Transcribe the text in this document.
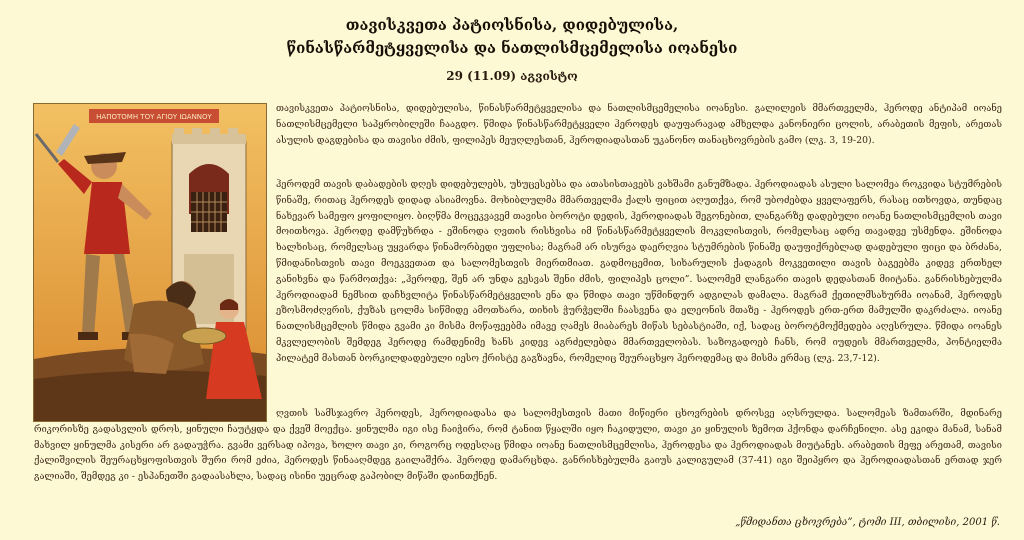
თავისკვეთა პატიოსნისა, დიდებულისა,
წინასწარმეტყველისა და ნათლისმცემელისა იოანესი
29 (11.09) აგვისტო
ΗΑΠΟΤΟΜΗ ΤΟΥ ΑΓΙΟΥ ΙΩΑΝΝΟΥ
თავისკვეთა პატიოსნისა, დიდებულისა, წინასწარმეტყველისა და ნათლისმცემელისა იოანესი. გალილეის მმართველმა, ჰეროდე ანტიპამ იოანე ნათლისმცემელი საპყრობილეში ჩააგდო. წმიდა წინასწარმეტყველი ჰეროდეს დაუფარავად ამხელდა კანონიერი ცოლის, არაბეთის მეფის, არეთას ასულის დაგდებისა და თავისი ძმის, ფილიპეს მეუღლესთან, ჰეროდიადასთან უკანონო თანაცხოვრების გამო (ლკ. 3, 19-20).
ჰეროდემ თავის დაბადების დღეს დიდებულებს, უხუცესებსა და ათასისთავებს ვახშამი განუმზადა. ჰეროდიადას ასული სალომეა როკვიდა სტუმრების წინაშე, რითაც ჰეროდეს დიდად ასიამოვნა. მოხიბლულმა მმართველმა ქალს ფიცით აღუთქვა, რომ უბოძებდა ყველაფერს, რასაც ითხოვდა, თუნდაც ნახევარ სამეფო ყოფილიყო. ბიღწმა მოცეკვავემ თავისი ბოროტი დედის, ჰეროდიადას შეგონებით, ლანგარზე დადებული იოანე ნათლისმცემლის თავი მოითხოვა. ჰეროდე დამწუხრდა - ეშინოდა ღვთის რისხვისა იმ წინასწარმეტყველის მოკვლისთვის, რომელსაც ადრე თავადვე უსმენდა. ეშინოდა ხალხისაც, რომელსაც უყვარდა წინამორბედი უფლისა; მაგრამ არ ისურვა დაერღვია სტუმრების წინაშე დაუფიქრებლად დადებული ფიცი და ბრძანა, წმიდანისთვის თავი მოეკვეთათ და სალომესთვის მიერთმიათ. გადმოცემით, სიხარულის ქადაგის მოკვეთილი თავის ბაგეებმა კიდევ ერთხელ განიხვნა და წარმოთქვა: „ჰეროდე, შენ არ უნდა გესვას შენი ძმის, ფილიპეს ცოლი”. სალომემ ლანგარი თავის დედასთან მიიტანა. განრისხებულმა ჰეროდიადამ ნემსით დაჩხვლიტა წინასწარმეტყველის ენა და წმიდა თავი უწმინდურ ადგილას დამალა. მაგრამ ქეთილმსახურმა იოანამ, ჰეროდეს ეზოსმოძღვრის, ქუზას ცოლმა სიწმიდე ამოთხარა, თიხის ჭურჭელში ჩაასვენა და ელეონის მთაზე - ჰეროდეს ერთ-ერთ მამულში დაკრძალა. იოანე ნათლისმცემლის წმიდა გვამი კი მისმა მოწაფეებმა იმავე ღამეს მიაბარეს მიწას სებასტიაში, იქ, სადაც ბოროტმოქმედება აღესრულა. წმიდა იოანეს მკვლელობის შემდეგ ჰეროდე რამდენიმე ხანს კიდევ აგრძელებდა მმართველობას. საზოგადოებ ჩანს, რომ იუდეის მმართველმა, პონტიელმა პილატემ მასთან ბორკილდადებული იესო ქრისტე გაგზავნა, რომელიც შეურაცხყო ჰეროდემაც და მისმა ერმაც (ლკ. 23,7-12).
ღვთის სამსჯავრო ჰეროდეს, ჰეროდიადასა და სალომესთვის მათი მიწიერი ცხოვრების დროსვე აღსრულდა. სალომეას ზამთარში, მდინარე რიკორისზე გადასვლის დროს, ყინული ჩაუტყდა და ქვეშ მოექცა. ყინულმა იგი ისე ჩაიჭირა, რომ ტანით წყალში იყო ჩაკიდული, თავი კი ყინულის ზემოთ ჰქონდა დარჩენილი. ასე ეკიდა მანამ, სანამ მახვილ ყინულმა კისერი არ გადაუჭრა. გვამი ვერსად იპოვა, ხოლო თავი კი, როგორც ოდესღაც წმიდა იოანე ნათლისმცემლისა, ჰეროდესა და ჰეროდიადას მიუტანეს. არაბეთის მეფე არეთამ, თავისი ქალიშვილის შეურაცხყოფისთვის შური რომ ეძია, ჰეროდეს წინააღმდეგ გაილაშქრა. ჰეროდე დამარცხდა. განრისხებულმა გაიუს კალიგულამ (37-41) იგი შეიპყრო და ჰეროდიადასთან ერთად ჯერ გალიაში, შემდეგ კი - ესპანეთში გადაასახლა, სადაც ისინი უეცრად გაპობილ მიწაში დაინთქნენ.
„წმიდანთა ცხოვრება”, ტომი III, თბილისი, 2001 წ.
